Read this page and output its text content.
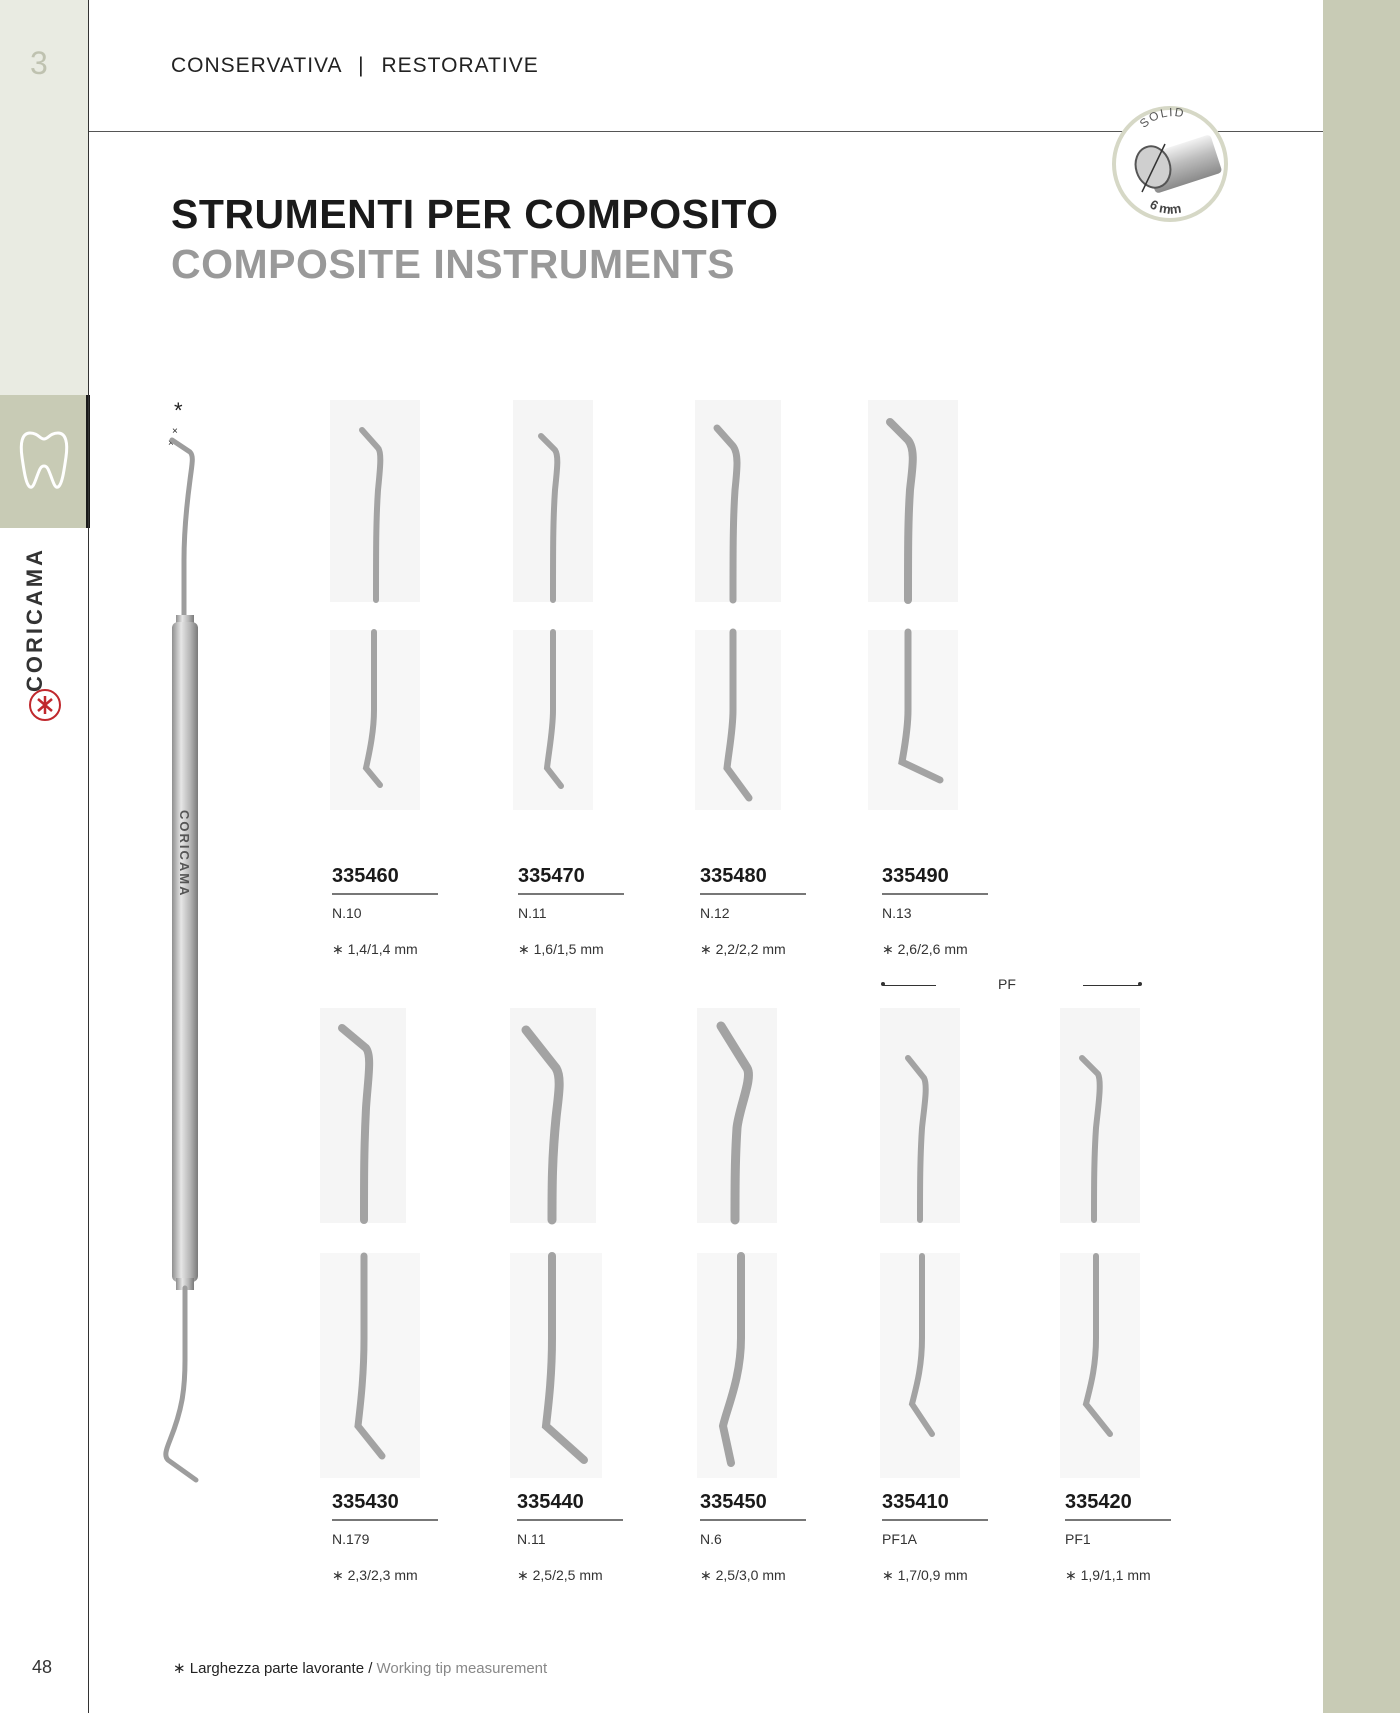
3
CORICAMA
48
CONSERVATIVA | RESTORATIVE
SOLID
6 mm
STRUMENTI PER COMPOSITO
COMPOSITE INSTRUMENTS
*
×
×
CORICAMA	335460
N.10
∗ 1,4/1,4 mm
335470
N.11
∗ 1,6/1,5 mm
335480
N.12
∗ 2,2/2,2 mm
335490
N.13
∗ 2,6/2,6 mm
PF
335430
N.179
∗ 2,3/2,3 mm
335440
N.11
∗ 2,5/2,5 mm
335450
N.6
∗ 2,5/3,0 mm
335410
PF1A
∗ 1,7/0,9 mm
335420
PF1
∗ 1,9/1,1 mm
∗ Larghezza parte lavorante / Working tip measurement
